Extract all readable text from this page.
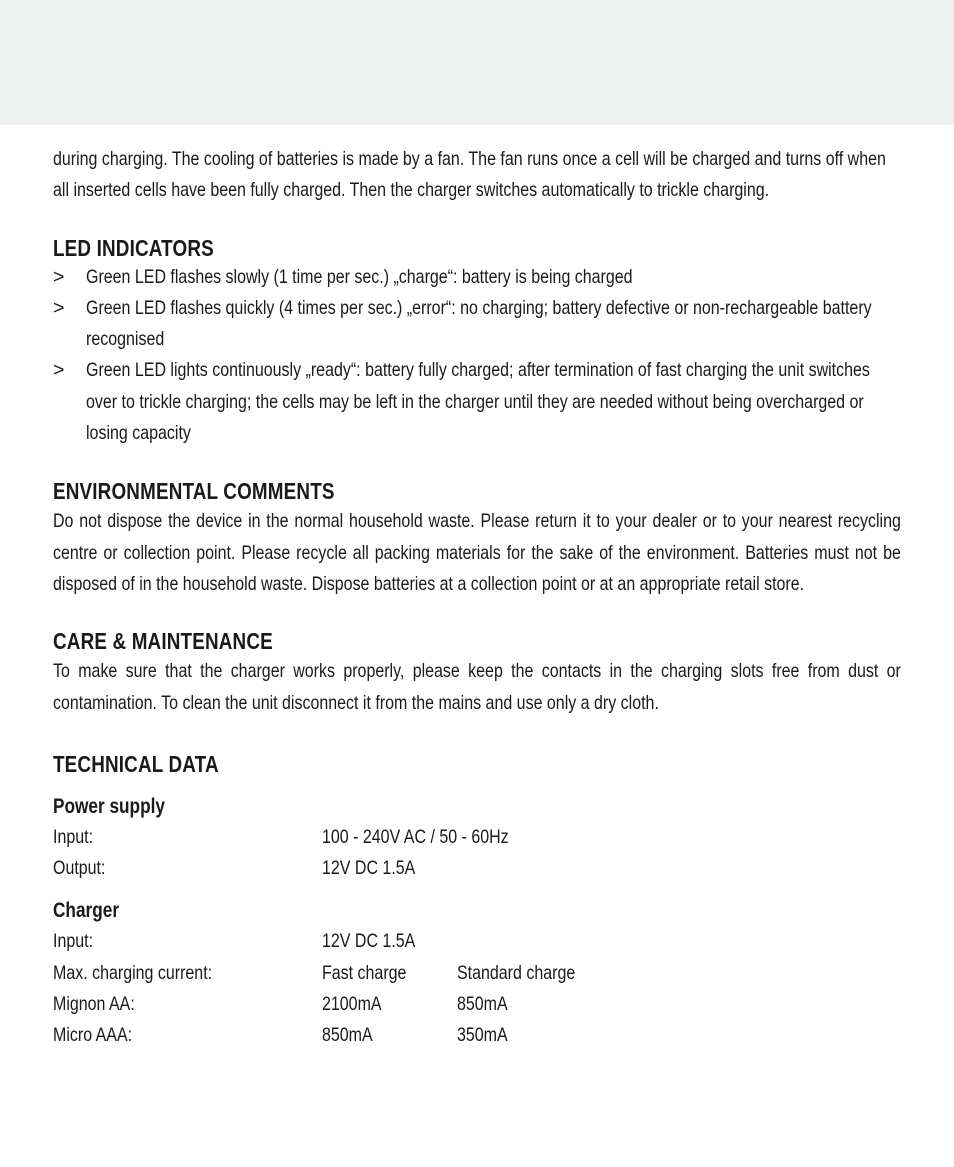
during charging. The cooling of batteries is made by a fan. The fan runs once a cell will be charged and turns off when all inserted cells have been fully charged. Then the charger switches automatically to trickle charging.

LED INDICATORS
> Green LED flashes slowly (1 time per sec.) „charge“: battery is being charged
> Green LED flashes quickly (4 times per sec.) „error“: no charging; battery defective or non-rechargeable battery recognised
> Green LED lights continuously „ready“: battery fully charged; after termination of fast charging the unit switches over to trickle charging; the cells may be left in the charger until they are needed without being overcharged or losing capacity
ENVIRONMENTAL COMMENTS

Do not dispose the device in the normal household waste. Please return it to your dealer or to your nearest recycling centre or collection point. Please recycle all packing materials for the sake of the environment. Batteries must not be disposed of in the household waste. Dispose batteries at a collection point or at an appropriate retail store.

CARE & MAINTENANCE

To make sure that the charger works properly, please keep the contacts in the charging slots free from dust or contamination. To clean the unit disconnect it from the mains and use only a dry cloth.

TECHNICAL DATA
Power supply
Input:	100 - 240V AC / 50 - 60Hz
Output:	12V DC 1.5A
Charger
Input:	12V DC 1.5A
Max. charging current:	Fast charge	Standard charge
Mignon AA:	2100mA	850mA
Micro AAA:	850mA	350mA
